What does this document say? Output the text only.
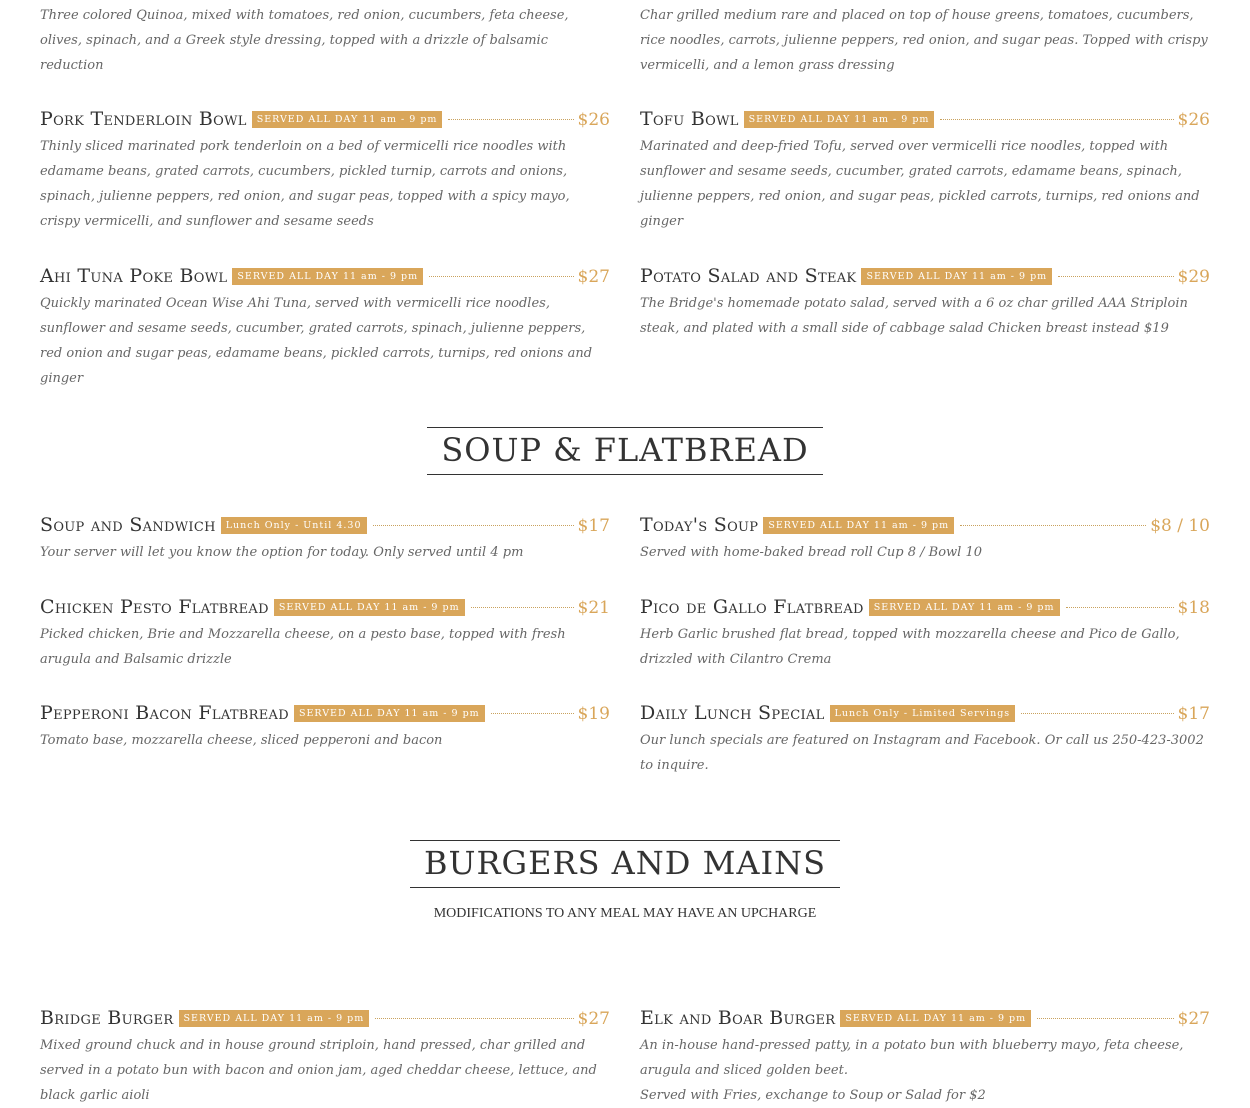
Three colored Quinoa, mixed with tomatoes, red onion, cucumbers, feta cheese, olives, spinach, and a Greek style dressing, topped with a drizzle of balsamic reduction

Char grilled medium rare and placed on top of house greens, tomatoes, cucumbers, rice noodles, carrots, julienne peppers, red onion, and sugar peas. Topped with crispy vermicelli, and a lemon grass dressing

Pork Tenderloin Bowl	SERVED ALL DAY 11 am - 9 pm	$26

Thinly sliced marinated pork tenderloin on a bed of vermicelli rice noodles with edamame beans, grated carrots, cucumbers, pickled turnip, carrots and onions, spinach, julienne peppers, red onion, and sugar peas, topped with a spicy mayo, crispy vermicelli, and sunflower and sesame seeds

Tofu Bowl	SERVED ALL DAY 11 am - 9 pm	$26

Marinated and deep-fried Tofu, served over vermicelli rice noodles, topped with sunflower and sesame seeds, cucumber, grated carrots, edamame beans, spinach, julienne peppers, red onion, and sugar peas, pickled carrots, turnips, red onions and ginger

Ahi Tuna Poke Bowl	SERVED ALL DAY 11 am - 9 pm	$27

Quickly marinated Ocean Wise Ahi Tuna, served with vermicelli rice noodles, sunflower and sesame seeds, cucumber, grated carrots, spinach, julienne peppers, red onion and sugar peas, edamame beans, pickled carrots, turnips, red onions and ginger

Potato Salad and Steak	SERVED ALL DAY 11 am - 9 pm	$29

The Bridge's homemade potato salad, served with a 6 oz char grilled AAA Striploin steak, and plated with a small side of cabbage salad Chicken breast instead $19

SOUP & FLATBREAD
Soup and Sandwich	Lunch Only - Until 4.30	$17

Your server will let you know the option for today. Only served until 4 pm

Today's Soup	SERVED ALL DAY 11 am - 9 pm	$8 / 10

Served with home-baked bread roll Cup 8 / Bowl 10

Chicken Pesto Flatbread	SERVED ALL DAY 11 am - 9 pm	$21

Picked chicken, Brie and Mozzarella cheese, on a pesto base, topped with fresh arugula and Balsamic drizzle

Pico de Gallo Flatbread	SERVED ALL DAY 11 am - 9 pm	$18

Herb Garlic brushed flat bread, topped with mozzarella cheese and Pico de Gallo, drizzled with Cilantro Crema

Pepperoni Bacon Flatbread	SERVED ALL DAY 11 am - 9 pm	$19

Tomato base, mozzarella cheese, sliced pepperoni and bacon

Daily Lunch Special	Lunch Only - Limited Servings	$17

Our lunch specials are featured on Instagram and Facebook. Or call us 250-423-3002 to inquire.

BURGERS AND MAINS
MODIFICATIONS TO ANY MEAL MAY HAVE AN UPCHARGE
Bridge Burger	SERVED ALL DAY 11 am - 9 pm	$27

Mixed ground chuck and in house ground striploin, hand pressed, char grilled and served in a potato bun with bacon and onion jam, aged cheddar cheese, lettuce, and black garlic aioli

Elk and Boar Burger	SERVED ALL DAY 11 am - 9 pm	$27

An in-house hand-pressed patty, in a potato bun with blueberry mayo, feta cheese, arugula and sliced golden beet.

Served with Fries, exchange to Soup or Salad for $2
